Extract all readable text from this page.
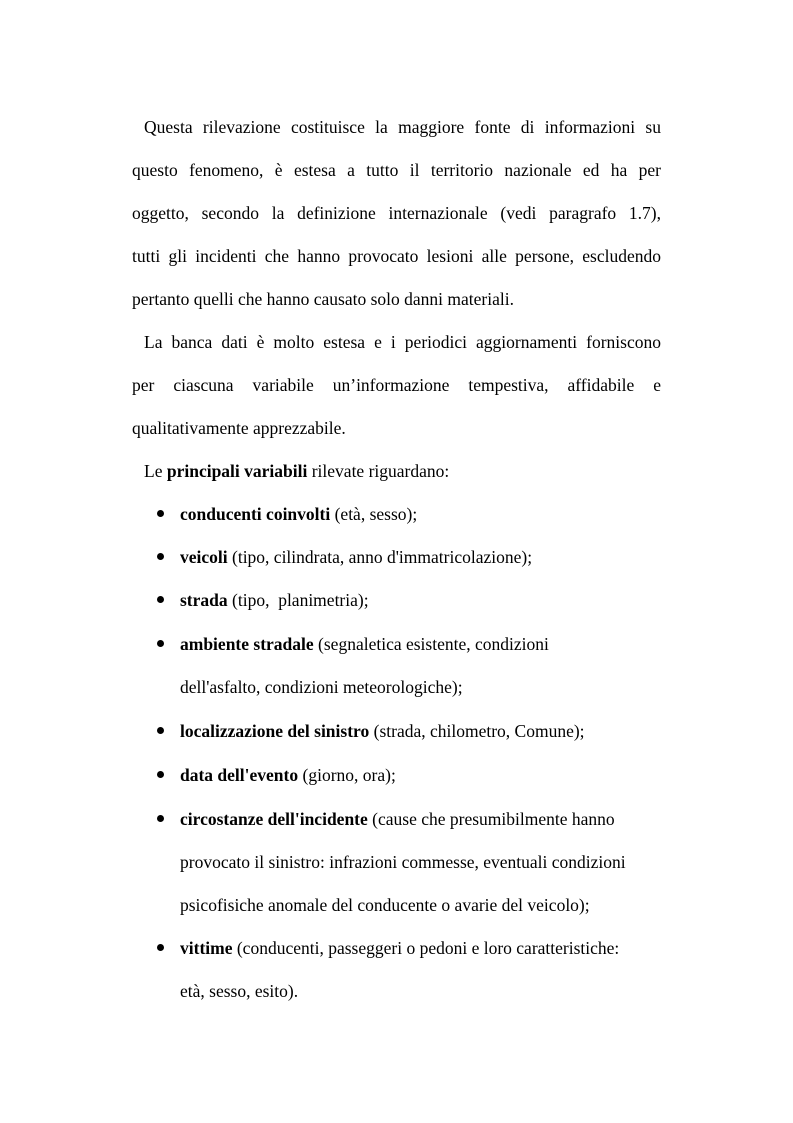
Questa rilevazione costituisce la maggiore fonte di informazioni su
questo fenomeno, è estesa a tutto il territorio nazionale ed ha per
oggetto, secondo la definizione internazionale (vedi paragrafo 1.7),
tutti gli incidenti che hanno provocato lesioni alle persone, escludendo
pertanto quelli che hanno causato solo danni materiali.
La banca dati è molto estesa e i periodici aggiornamenti forniscono
per ciascuna variabile un’informazione tempestiva, affidabile e
qualitativamente apprezzabile.
Le principali variabili rilevate riguardano:
conducenti coinvolti (età, sesso);
veicoli (tipo, cilindrata, anno d'immatricolazione);
strada (tipo,  planimetria);
ambiente stradale (segnaletica esistente, condizioni
dell'asfalto, condizioni meteorologiche);
localizzazione del sinistro (strada, chilometro, Comune);
data dell'evento (giorno, ora);
circostanze dell'incidente (cause che presumibilmente hanno
provocato il sinistro: infrazioni commesse, eventuali condizioni
psicofisiche anomale del conducente o avarie del veicolo);
vittime (conducenti, passeggeri o pedoni e loro caratteristiche:
età, sesso, esito).
